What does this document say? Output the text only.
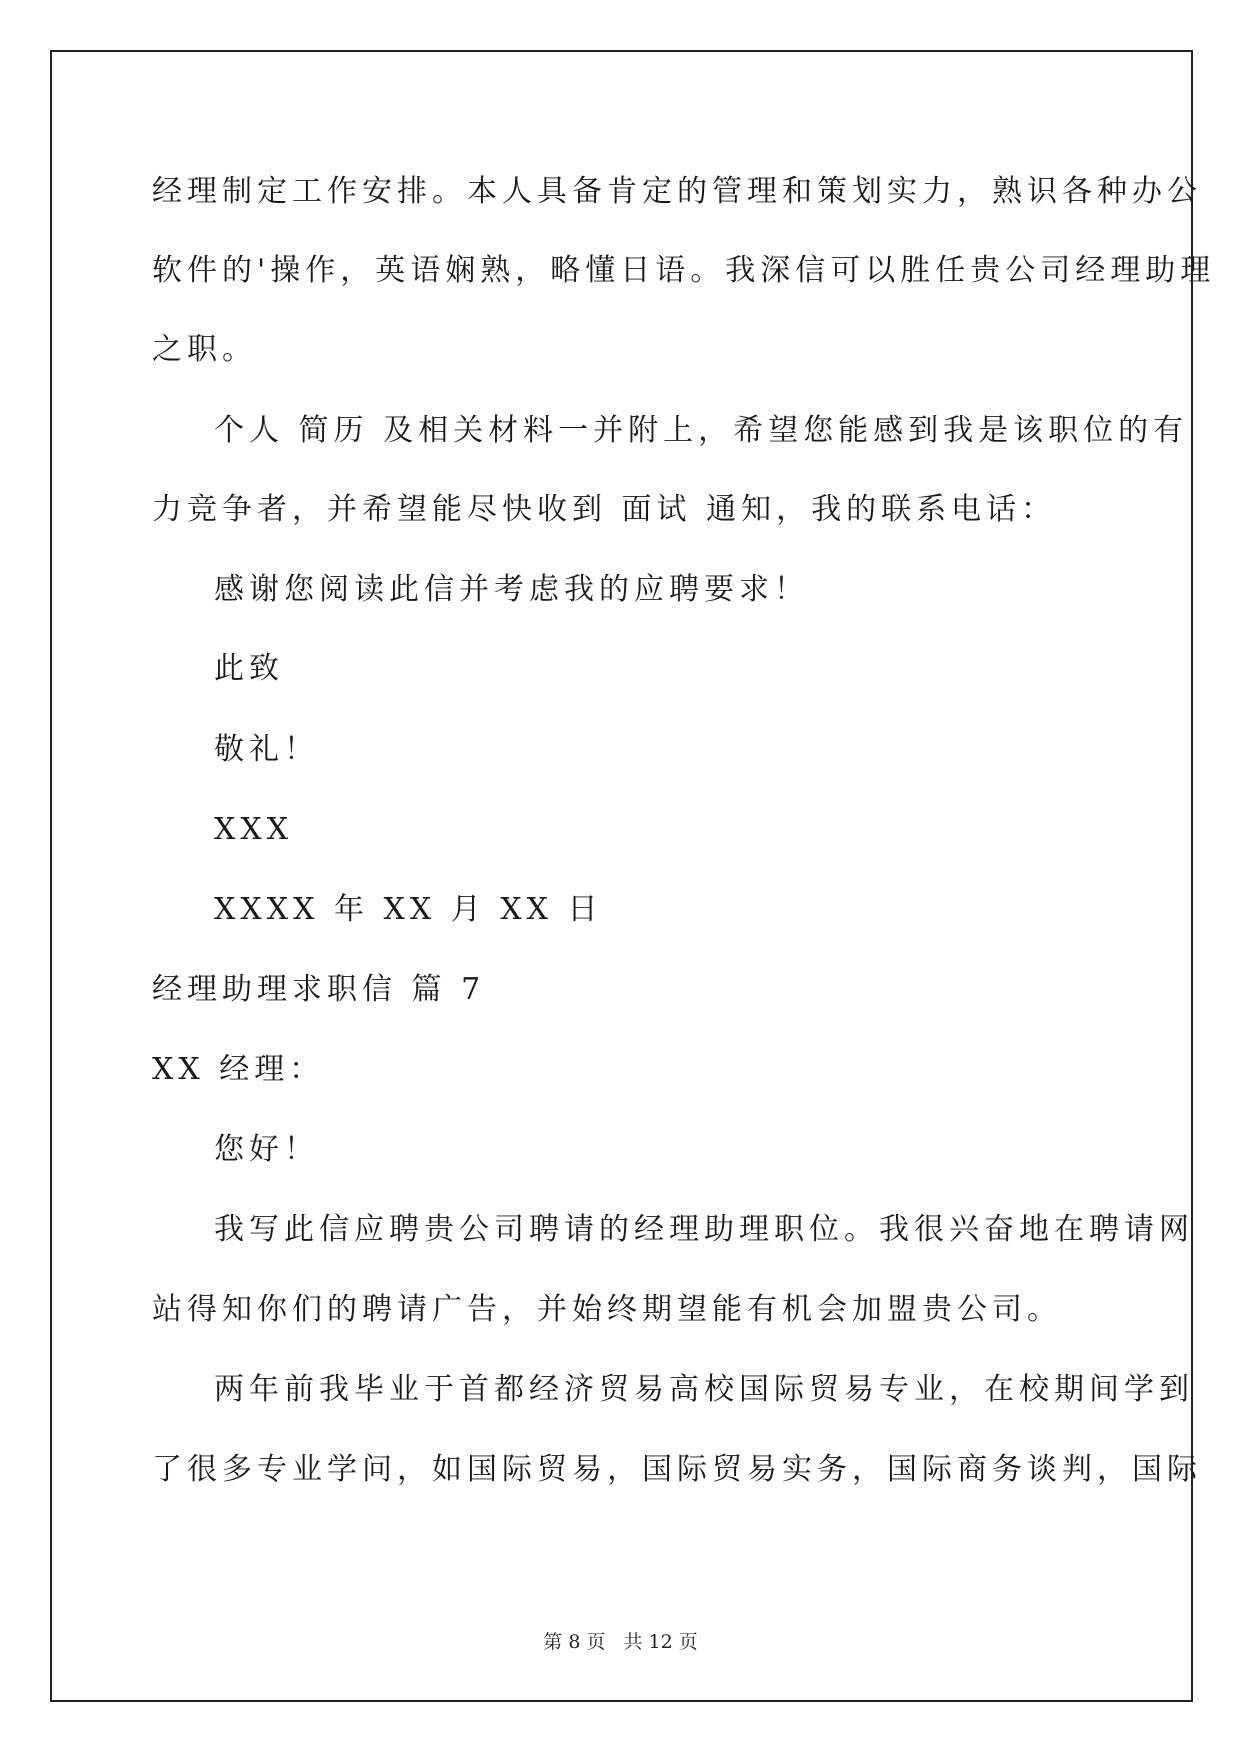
经理制定工作安排。本人具备肯定的管理和策划实力，熟识各种办公
软件的'操作，英语娴熟，略懂日语。我深信可以胜任贵公司经理助理
之职。
个人 简历 及相关材料一并附上，希望您能感到我是该职位的有
力竞争者，并希望能尽快收到 面试 通知，我的联系电话：
感谢您阅读此信并考虑我的应聘要求！
此致
敬礼！
XXX
XXXX 年 XX 月 XX 日
经理助理求职信 篇 7
XX 经理：
您好！
我写此信应聘贵公司聘请的经理助理职位。我很兴奋地在聘请网
站得知你们的聘请广告，并始终期望能有机会加盟贵公司。
两年前我毕业于首都经济贸易高校国际贸易专业，在校期间学到
了很多专业学问，如国际贸易，国际贸易实务，国际商务谈判，国际
第 8 页 共 12 页
